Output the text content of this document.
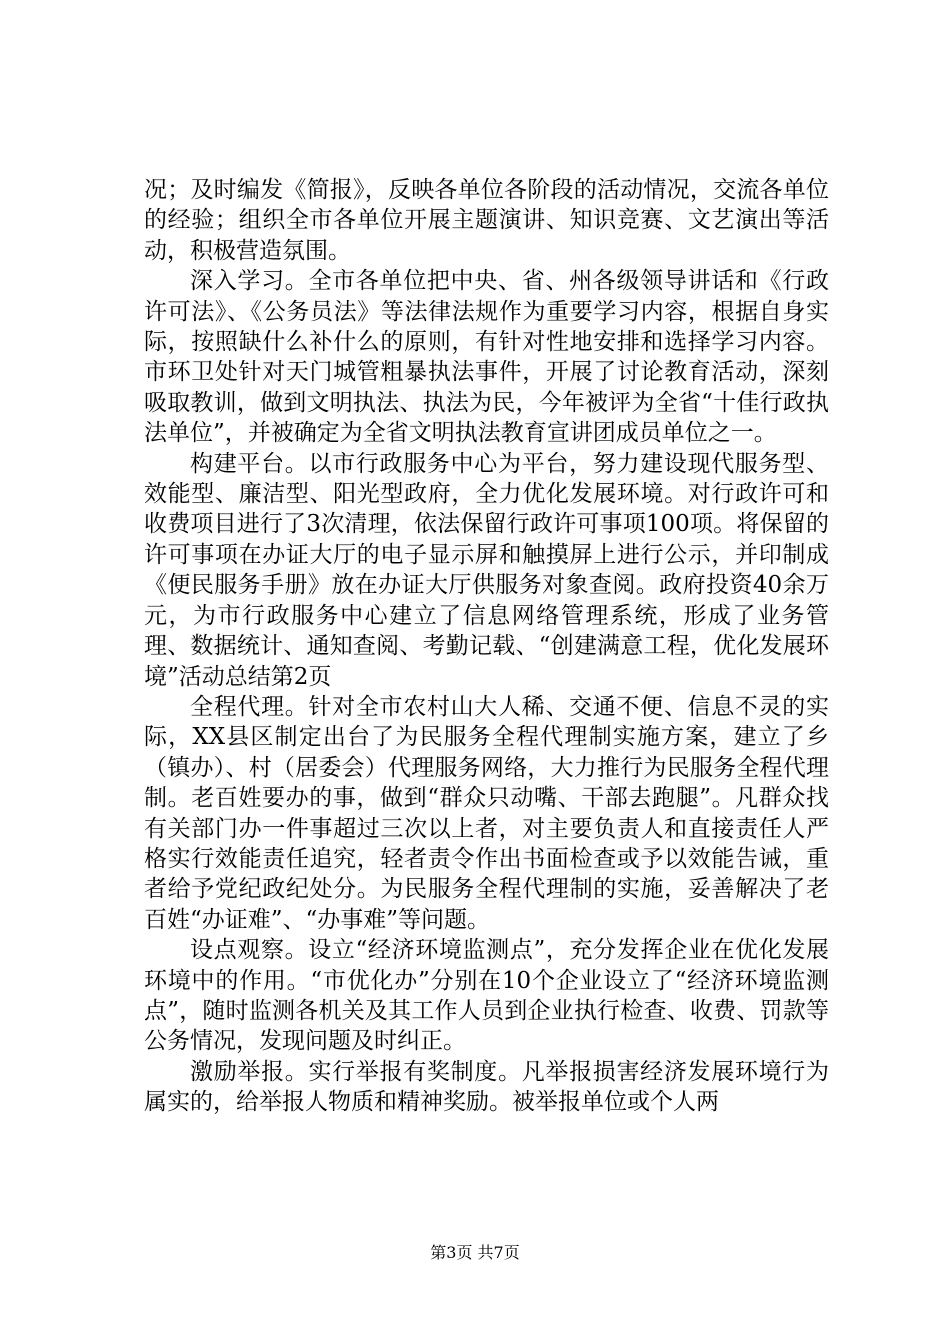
况；及时编发《简报》，反映各单位各阶段的活动情况，交流各单位的经验；组织全市各单位开展主题演讲、知识竞赛、文艺演出等活动，积极营造氛围。

深入学习。全市各单位把中央、省、州各级领导讲话和《行政许可法》、《公务员法》等法律法规作为重要学习内容，根据自身实际，按照缺什么补什么的原则，有针对性地安排和选择学习内容。市环卫处针对天门城管粗暴执法事件，开展了讨论教育活动，深刻吸取教训，做到文明执法、执法为民，今年被评为全省“十佳行政执法单位”，并被确定为全省文明执法教育宣讲团成员单位之一。

构建平台。以市行政服务中心为平台，努力建设现代服务型、效能型、廉洁型、阳光型政府，全力优化发展环境。对行政许可和收费项目进行了3次清理，依法保留行政许可事项100项。将保留的许可事项在办证大厅的电子显示屏和触摸屏上进行公示，并印制成《便民服务手册》放在办证大厅供服务对象查阅。政府投资40余万元，为市行政服务中心建立了信息网络管理系统，形成了业务管理、数据统计、通知查阅、考勤记载、“创建满意工程，优化发展环境”活动总结第2页

全程代理。针对全市农村山大人稀、交通不便、信息不灵的实际，XX县区制定出台了为民服务全程代理制实施方案，建立了乡（镇办）、村（居委会）代理服务网络，大力推行为民服务全程代理制。老百姓要办的事，做到“群众只动嘴、干部去跑腿”。凡群众找有关部门办一件事超过三次以上者，对主要负责人和直接责任人严格实行效能责任追究，轻者责令作出书面检查或予以效能告诫，重者给予党纪政纪处分。为民服务全程代理制的实施，妥善解决了老百姓“办证难”、“办事难”等问题。

设点观察。设立“经济环境监测点”，充分发挥企业在优化发展环境中的作用。“市优化办”分别在10个企业设立了“经济环境监测点”，随时监测各机关及其工作人员到企业执行检查、收费、罚款等公务情况，发现问题及时纠正。

激励举报。实行举报有奖制度。凡举报损害经济发展环境行为属实的，给举报人物质和精神奖励。被举报单位或个人两

第3页 共7页
